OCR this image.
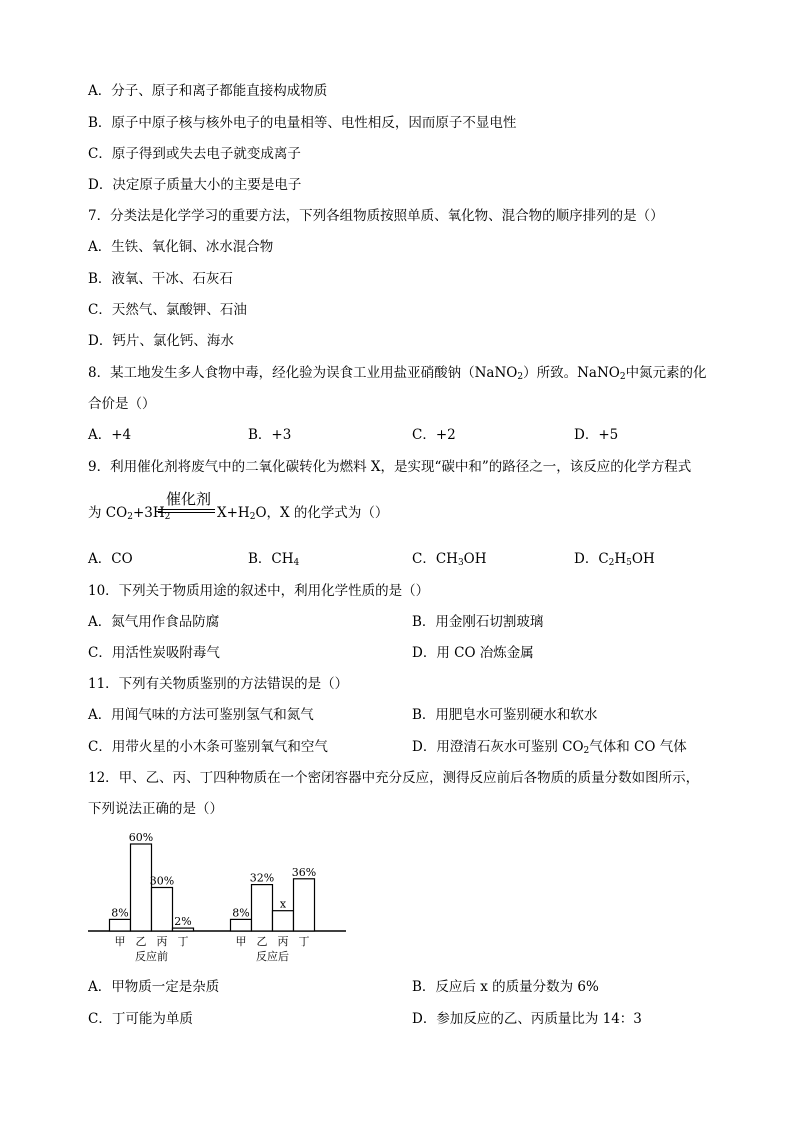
A．分子、原子和离子都能直接构成物质
B．原子中原子核与核外电子的电量相等、电性相反，因而原子不显电性
C．原子得到或失去电子就变成离子
D．决定原子质量大小的主要是电子
7．分类法是化学学习的重要方法，下列各组物质按照单质、氧化物、混合物的顺序排列的是（）
A．生铁、氧化铜、冰水混合物
B．液氧、干冰、石灰石
C．天然气、氯酸钾、石油
D．钙片、氯化钙、海水
8．某工地发生多人食物中毒，经化验为误食工业用盐亚硝酸钠（NaNO$_2$）所致。NaNO$_2$中氮元素的化
合价是（）
A．+4	B．+3	C．+2	D．+5
9．利用催化剂将废气中的二氧化碳转化为燃料 X，是实现“碳中和”的路径之一，该反应的化学方程式
催化剂
为 $CO_2+3H_2$	$X+H_2O$，X 的化学式为（）
A．CO	B．$CH_4$	C．$CH_3OH$	D．$C_2H_5OH$
10．下列关于物质用途的叙述中，利用化学性质的是（）
A．氮气用作食品防腐	B．用金刚石切割玻璃
C．用活性炭吸附毒气	D．用 CO 冶炼金属
11．下列有关物质鉴别的方法错误的是（）
A．用闻气味的方法可鉴别氢气和氮气	B．用肥皂水可鉴别硬水和软水
C．用带火星的小木条可鉴别氧气和空气	D．用澄清石灰水可鉴别 $CO_2$气体和 CO 气体
12．甲、乙、丙、丁四种物质在一个密闭容器中充分反应，测得反应前后各物质的质量分数如图所示，
下列说法正确的是（）
8%
甲
60%
乙
30%
丙
2%
丁
反应前
8%
甲
32%
乙
x
丙
36%
丁
反应后
A．甲物质一定是杂质	B．反应后 x 的质量分数为 6%
C．丁可能为单质	D．参加反应的乙、丙质量比为 14：3
